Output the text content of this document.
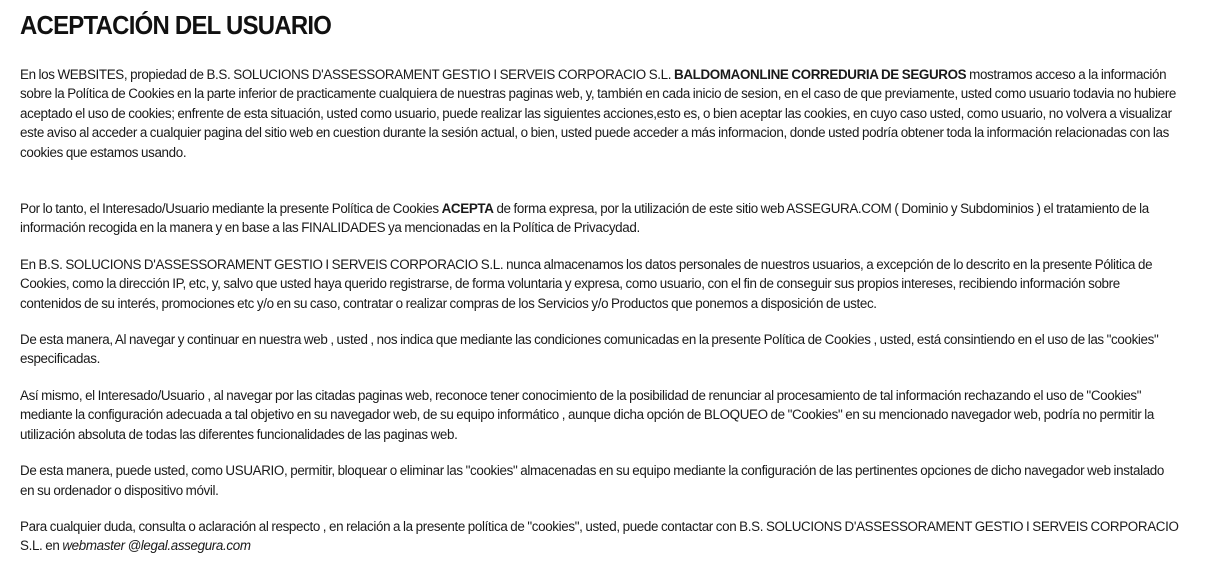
ACEPTACIÓN DEL USUARIO

En los WEBSITES, propiedad de B.S. SOLUCIONS D'ASSESSORAMENT GESTIO I SERVEIS CORPORACIO S.L. BALDOMAONLINE CORREDURIA DE SEGUROS mostramos acceso a la información sobre la Política de Cookies en la parte inferior de practicamente cualquiera de nuestras paginas web, y, también en cada inicio de sesion, en el caso de que previamente, usted como usuario todavia no hubiere aceptado el uso de cookies; enfrente de esta situación, usted como usuario, puede realizar las siguientes acciones,esto es, o bien aceptar las cookies, en cuyo caso usted, como usuario, no volvera a visualizar este aviso al acceder a cualquier pagina del sitio web en cuestion durante la sesión actual, o bien, usted puede acceder a más informacion, donde usted podría obtener toda la información relacionadas con las cookies que estamos usando.

Por lo tanto, el Interesado/Usuario mediante la presente Política de Cookies ACEPTA de forma expresa, por la utilización de este sitio web ASSEGURA.COM ( Dominio y Subdominios ) el tratamiento de la información recogida en la manera y en base a las FINALIDADES ya mencionadas en la Política de Privacydad.

En B.S. SOLUCIONS D'ASSESSORAMENT GESTIO I SERVEIS CORPORACIO S.L. nunca almacenamos los datos personales de nuestros usuarios, a excepción de lo descrito en la presente Pólitica de Cookies, como la dirección IP, etc, y, salvo que usted haya querido registrarse, de forma voluntaria y expresa, como usuario, con el fin de conseguir sus propios intereses, recibiendo información sobre contenidos de su interés, promociones etc y/o en su caso, contratar o realizar compras de los Servicios y/o Productos que ponemos a disposición de ustec.

De esta manera, Al navegar y continuar en nuestra web , usted , nos indica que mediante las condiciones comunicadas en la presente Política de Cookies , usted, está consintiendo en el uso de las "cookies" especificadas.

Así mismo, el Interesado/Usuario , al navegar por las citadas paginas web, reconoce tener conocimiento de la posibilidad de renunciar al procesamiento de tal información rechazando el uso de "Cookies" mediante la configuración adecuada a tal objetivo en su navegador web, de su equipo informático , aunque dicha opción de BLOQUEO de "Cookies" en su mencionado navegador web, podría no permitir la utilización absoluta de todas las diferentes funcionalidades de las paginas web.

De esta manera, puede usted, como USUARIO, permitir, bloquear o eliminar las "cookies" almacenadas en su equipo mediante la configuración de las pertinentes opciones de dicho navegador web instalado en su ordenador o dispositivo móvil.

Para cualquier duda, consulta o aclaración al respecto , en relación a la presente política de "cookies", usted, puede contactar con B.S. SOLUCIONS D'ASSESSORAMENT GESTIO I SERVEIS CORPORACIO S.L. en webmaster @legal.assegura.com
